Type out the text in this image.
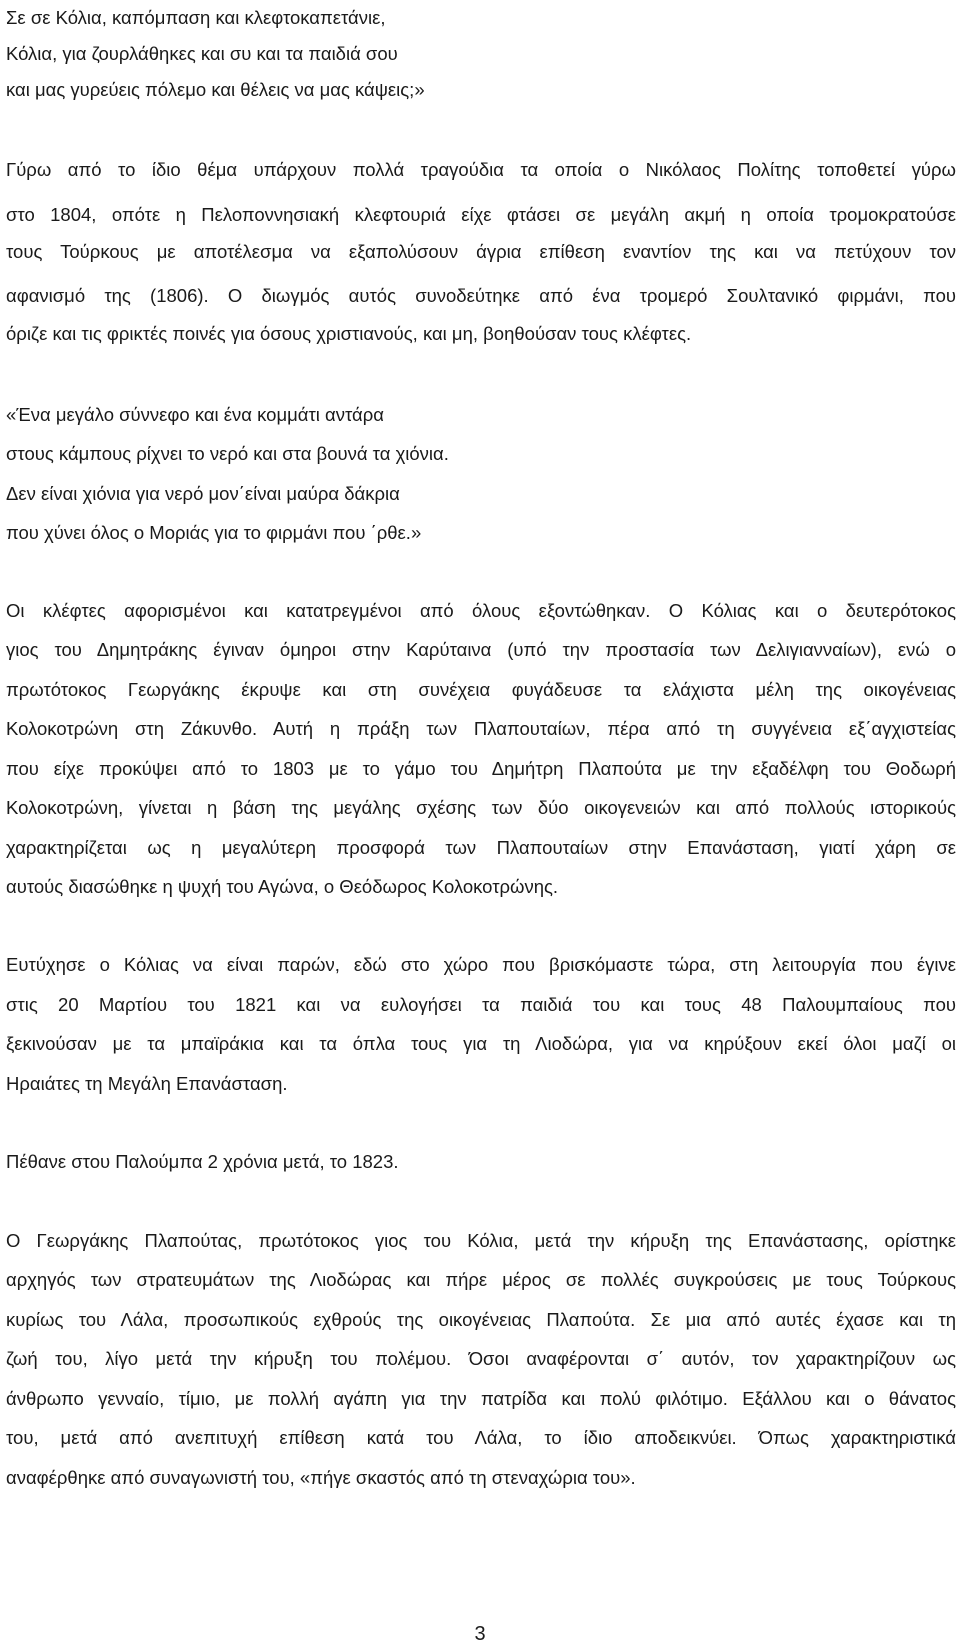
Σε σε Κόλια, καπόμπαση και κλεφτοκαπετάνιε,
Κόλια, για ζουρλάθηκες και συ και τα παιδιά σου
και μας γυρεύεις πόλεμο και θέλεις να μας κάψεις;»
Γύρω από το ίδιο θέμα υπάρχουν πολλά τραγούδια τα οποία ο Νικόλαος Πολίτης τοποθετεί γύρω
στο 1804, οπότε η Πελοποννησιακή κλεφτουριά είχε φτάσει σε μεγάλη ακμή η οποία τρομοκρατούσε
τους Τούρκους με αποτέλεσμα να εξαπολύσουν άγρια επίθεση εναντίον της και να πετύχουν τον
αφανισμό της (1806). Ο διωγμός αυτός συνοδεύτηκε από ένα τρομερό Σουλτανικό φιρμάνι, που
όριζε και τις φρικτές ποινές για όσους χριστιανούς, και μη, βοηθούσαν τους κλέφτες.
«Ένα μεγάλο σύννεφο και ένα κομμάτι αντάρα
στους κάμπους ρίχνει το νερό και στα βουνά τα χιόνια.
Δεν είναι χιόνια για νερό μον΄είναι μαύρα δάκρια
που χύνει όλος ο Μοριάς για το φιρμάνι που ΄ρθε.»
Οι κλέφτες αφορισμένοι και κατατρεγμένοι από όλους εξοντώθηκαν. Ο Κόλιας και ο δευτερότοκος
γιος του Δημητράκης έγιναν όμηροι στην Καρύταινα (υπό την προστασία των Δελιγιανναίων), ενώ ο
πρωτότοκος Γεωργάκης έκρυψε και στη συνέχεια φυγάδευσε τα ελάχιστα μέλη της οικογένειας
Κολοκοτρώνη στη Ζάκυνθο. Αυτή η πράξη των Πλαπουταίων, πέρα από τη συγγένεια εξ΄αγχιστείας
που είχε προκύψει από το 1803 με το γάμο του Δημήτρη Πλαπούτα με την εξαδέλφη του Θοδωρή
Κολοκοτρώνη, γίνεται η βάση της μεγάλης σχέσης των δύο οικογενειών και από πολλούς ιστορικούς
χαρακτηρίζεται ως η μεγαλύτερη προσφορά των Πλαπουταίων στην Επανάσταση, γιατί χάρη σε
αυτούς διασώθηκε η ψυχή του Αγώνα, ο Θεόδωρος Κολοκοτρώνης.
Ευτύχησε ο Κόλιας να είναι παρών, εδώ στο χώρο που βρισκόμαστε τώρα, στη λειτουργία που έγινε
στις 20 Μαρτίου του 1821 και να ευλογήσει τα παιδιά του και τους 48 Παλουμπαίους που
ξεκινούσαν με τα μπαϊράκια και τα όπλα τους για τη Λιοδώρα, για να κηρύξουν εκεί όλοι μαζί οι
Ηραιάτες τη Μεγάλη Επανάσταση.
Πέθανε στου Παλούμπα 2 χρόνια μετά, το 1823.
Ο Γεωργάκης Πλαπούτας, πρωτότοκος γιος του Κόλια, μετά την κήρυξη της Επανάστασης, ορίστηκε
αρχηγός των στρατευμάτων της Λιοδώρας και πήρε μέρος σε πολλές συγκρούσεις με τους Τούρκους
κυρίως του Λάλα, προσωπικούς εχθρούς της οικογένειας Πλαπούτα. Σε μια από αυτές έχασε και τη
ζωή του, λίγο μετά την κήρυξη του πολέμου. Όσοι αναφέρονται σ΄ αυτόν, τον χαρακτηρίζουν ως
άνθρωπο γενναίο, τίμιο, με πολλή αγάπη για την πατρίδα και πολύ φιλότιμο. Εξάλλου και ο θάνατος
του, μετά από ανεπιτυχή επίθεση κατά του Λάλα, το ίδιο αποδεικνύει. Όπως χαρακτηριστικά
αναφέρθηκε από συναγωνιστή του, «πήγε σκαστός από τη στεναχώρια του».
3
